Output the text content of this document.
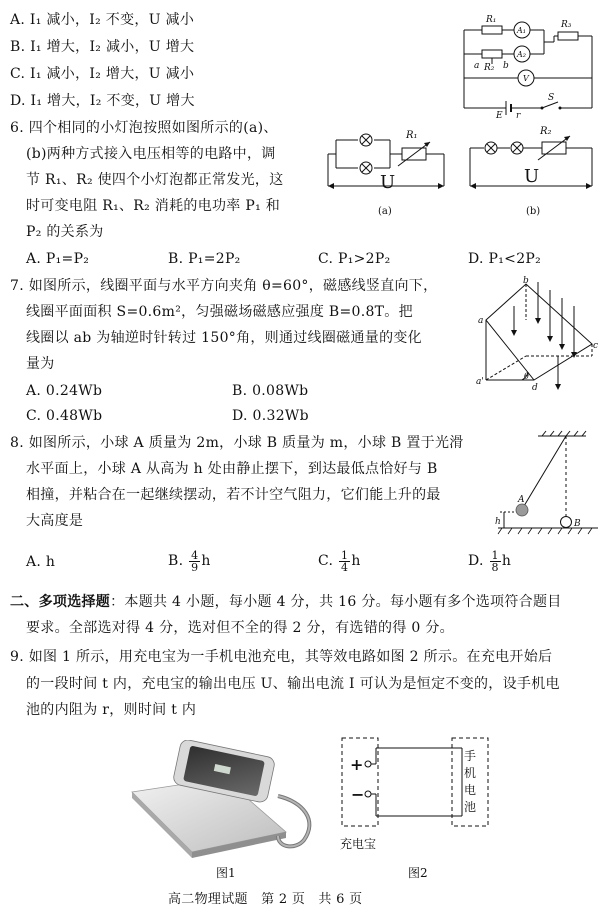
A. I₁ 减小，I₂ 不变，U 减小
B. I₁ 增大，I₂ 减小，U 增大
C. I₁ 减小，I₂ 增大，U 减小
D. I₁ 增大，I₂ 不变，U 增大
R₁	R₃
A₁
A₂
V
a R₂ b
E r
S
6. 四个相同的小灯泡按照如图所示的(a)、
(b)两种方式接入电压相等的电路中，调
节 R₁、R₂ 使四个小灯泡都正常发光，这
时可变电阻 R₁、R₂ 消耗的电功率 P₁ 和
P₂ 的关系为
A. P₁=P₂	B. P₁=2P₂	C. P₁>2P₂	D. P₁<2P₂
R₁
U
(a)
R₂
U
(b)
7. 如图所示，线圈平面与水平方向夹角 θ=60°，磁感线竖直向下，
线圈平面面积 S=0.6m²，匀强磁场磁感应强度 B=0.8T。把
线圈以 ab 为轴逆时针转过 150°角，则通过线圈磁通量的变化
量为
A. 0.24Wb	B. 0.08Wb
C. 0.48Wb	D. 0.32Wb
b
a
c
a'
d
θ
8. 如图所示，小球 A 质量为 2m，小球 B 质量为 m，小球 B 置于光滑
水平面上，小球 A 从高为 h 处由静止摆下，到达最低点恰好与 B
相撞，并粘合在一起继续摆动，若不计空气阻力，它们能上升的最
大高度是
A. h	B. $\frac{4}{9}$ h	C. $\frac{1}{4}$ h	D. $\frac{1}{8}$ h
A
B
h
二、多项选择题：本题共 4 小题，每小题 4 分，共 16 分。每小题有多个选项符合题目
要求。全部选对得 4 分，选对但不全的得 2 分，有选错的得 0 分。
9. 如图 1 所示，用充电宝为一手机电池充电，其等效电路如图 2 所示。在充电开始后
的一段时间 t 内，充电宝的输出电压 U、输出电流 I 可认为是恒定不变的，设手机电
池的内阻为 r，则时间 t 内
图1
+
−
手
机
电
池
充电宝
图2
高二物理试题　第 2 页　共 6 页
